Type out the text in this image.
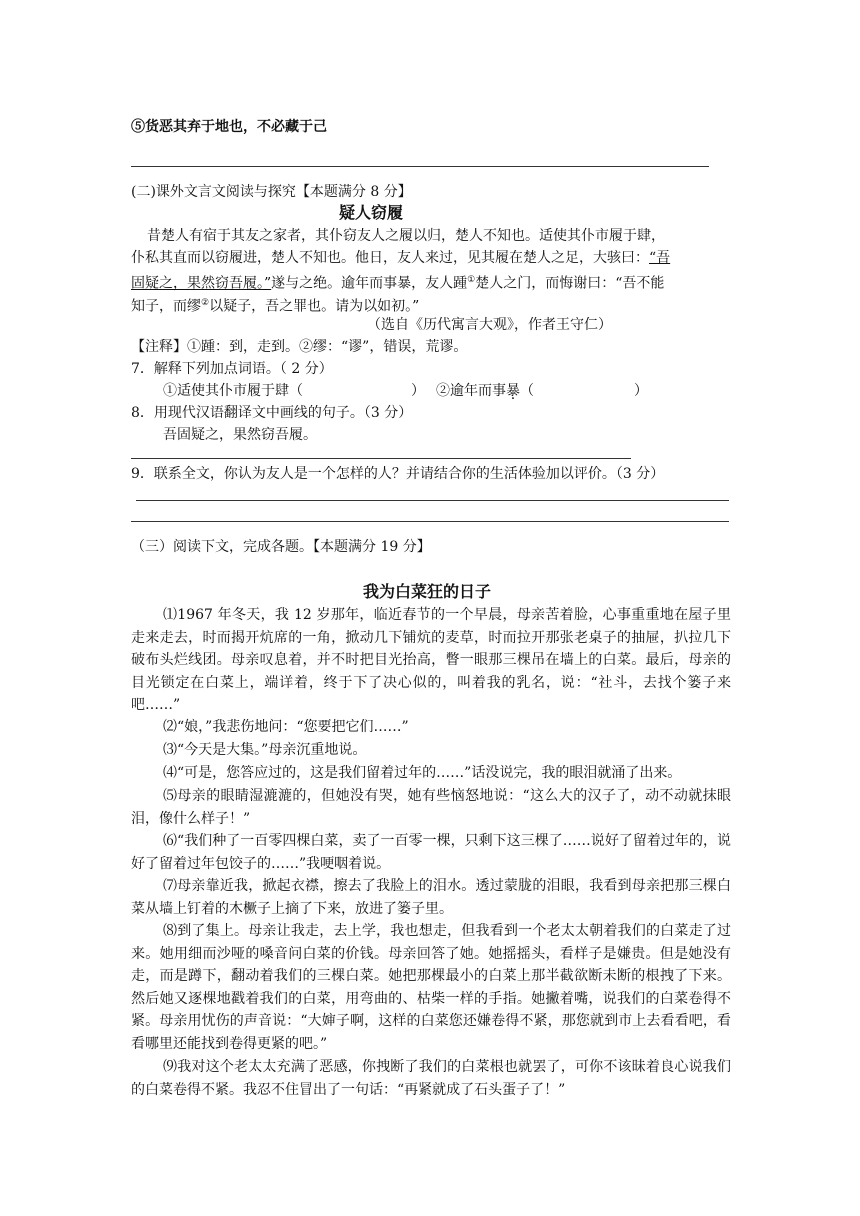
⑤货恶其弃于地也，不必藏于己
(二)课外文言文阅读与探究【本题满分 8 分】
疑人窃履
昔楚人有宿于其友之家者，其仆窃友人之履以归，楚人不知也。适使其仆市履于肆，
仆私其直而以窃履进，楚人不知也。他日，友人来过，见其履在楚人之足，大骇曰：“吾
固疑之，果然窃吾履。”遂与之绝。逾年而事暴，友人踵①楚人之门，而悔谢曰：“吾不能
知子，而缪②以疑子，吾之罪也。请为以如初。”
（选自《历代寓言大观》，作者王守仁）
【注释】①踵：到，走到。②缪：“谬”，错误，荒谬。
7．解释下列加点词语。（ 2 分）
①适使其仆市履于肆（	） ②逾年而事暴（	）
8．用现代汉语翻译文中画线的句子。（3 分）
吾固疑之，果然窃吾履。
9．联系全文，你认为友人是一个怎样的人？并请结合你的生活体验加以评价。（3 分）
（三）阅读下文，完成各题。【本题满分 19 分】
我为白菜狂的日子
⑴1967 年冬天，我 12 岁那年，临近春节的一个早晨，母亲苦着脸，心事重重地在屋子里走来走去，时而揭开炕席的一角，掀动几下铺炕的麦草，时而拉开那张老桌子的抽屉，扒拉几下破布头烂线团。母亲叹息着，并不时把目光抬高，瞥一眼那三棵吊在墙上的白菜。最后，母亲的目光锁定在白菜上，端详着，终于下了决心似的，叫着我的乳名，说：“社斗，去找个篓子来吧……”
⑵“娘，”我悲伤地问：“您要把它们……”
⑶“今天是大集。”母亲沉重地说。
⑷“可是，您答应过的，这是我们留着过年的……”话没说完，我的眼泪就涌了出来。
⑸母亲的眼睛湿漉漉的，但她没有哭，她有些恼怒地说：“这么大的汉子了，动不动就抹眼泪，像什么样子！”
⑹“我们种了一百零四棵白菜，卖了一百零一棵，只剩下这三棵了……说好了留着过年的，说好了留着过年包饺子的……”我哽咽着说。
⑺母亲靠近我，掀起衣襟，擦去了我脸上的泪水。透过蒙胧的泪眼，我看到母亲把那三棵白菜从墙上钉着的木橛子上摘了下来，放进了篓子里。
⑻到了集上。母亲让我走，去上学，我也想走，但我看到一个老太太朝着我们的白菜走了过来。她用细而沙哑的嗓音问白菜的价钱。母亲回答了她。她摇摇头，看样子是嫌贵。但是她没有走，而是蹲下，翻动着我们的三棵白菜。她把那棵最小的白菜上那半截欲断未断的根拽了下来。然后她又逐棵地戳着我们的白菜，用弯曲的、枯柴一样的手指。她撇着嘴，说我们的白菜卷得不紧。母亲用忧伤的声音说：“大婶子啊，这样的白菜您还嫌卷得不紧，那您就到市上去看看吧，看看哪里还能找到卷得更紧的吧。”
⑼我对这个老太太充满了恶感，你拽断了我们的白菜根也就罢了，可你不该昧着良心说我们的白菜卷得不紧。我忍不住冒出了一句话：“再紧就成了石头蛋子了！”
